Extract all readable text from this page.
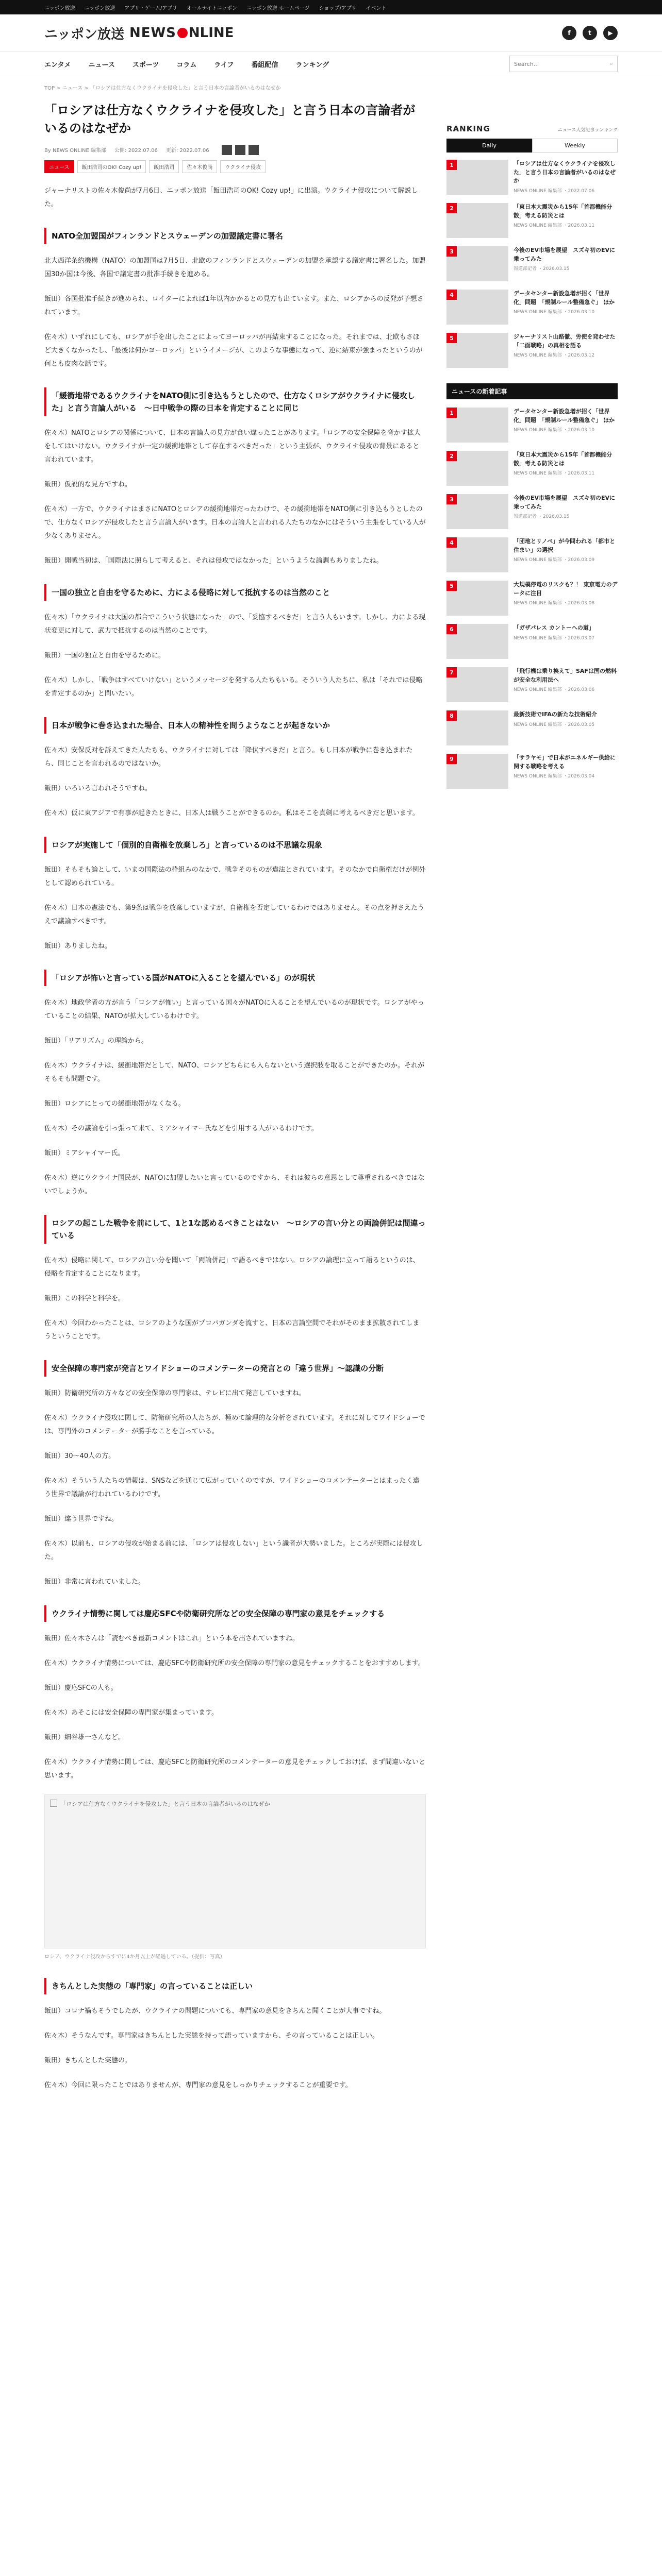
ニッポン放送 ニッポン放送 アプリ・ゲーム/アプリ オールナイトニッポン ニッポン放送 ホームページ ショップ/アプリ イベント
ニッポン放送 NEWS NLINE	f	t	▶
エンタメ	ニュース	スポーツ	コラム	ライフ	番組配信	ランキング
Search...	⌕
TOP > ニュース > 「ロシアは仕方なくウクライナを侵攻した」と言う日本の言論者がいるのはなぜか
「ロシアは仕方なくウクライナを侵攻した」と言う日本の言論者がいるのはなぜか
By NEWS ONLINE 編集部 公開: 2022.07.06 更新: 2022.07.06
ニュース	飯田浩司のOK! Cozy up!	飯田浩司	佐々木俊尚	ウクライナ侵攻

ジャーナリストの佐々木俊尚が7月6日、ニッポン放送「飯田浩司のOK! Cozy up!」に出演。ウクライナ侵攻について解説した。

NATO全加盟国がフィンランドとスウェーデンの加盟議定書に署名

北大西洋条約機構（NATO）の加盟国は7月5日、北欧のフィンランドとスウェーデンの加盟を承認する議定書に署名した。加盟国30か国は今後、各国で議定書の批准手続きを進める。

飯田）各国批准手続きが進められ、ロイターによれば1年以内かかるとの見方も出ています。また、ロシアからの反発が予想されています。

佐々木）いずれにしても、ロシアが手を出したことによってヨーロッパが再結束することになった。それまでは、北欧もさほど大きくなかったし、「最後は何かヨーロッパ」というイメージが、このような事態になって、逆に結束が強まったというのが何とも皮肉な話です。

「緩衝地帯であるウクライナをNATO側に引き込もうとしたので、仕方なくロシアがウクライナに侵攻した」と言う言論人がいる　～日中戦争の際の日本を肯定することに同じ

佐々木）NATOとロシアの関係について、日本の言論人の見方が食い違ったことがあります。「ロシアの安全保障を脅かす拡大をしてはいけない。ウクライナが一定の緩衝地帯として存在するべきだった」という主張が、ウクライナ侵攻の背景にあると言われています。

飯田）仮説的な見方ですね。

佐々木）一方で、ウクライナはまさにNATOとロシアの緩衝地帯だったわけで、その緩衝地帯をNATO側に引き込もうとしたので、仕方なくロシアが侵攻したと言う言論人がいます。日本の言論人と言われる人たちのなかにはそういう主張をしている人が少なくありません。

飯田）開戦当初は、「国際法に照らして考えると、それは侵攻ではなかった」というような論調もありましたね。

一国の独立と自由を守るために、力による侵略に対して抵抗するのは当然のこと

佐々木）「ウクライナは大国の都合でこういう状態になった」ので、「妥協するべきだ」と言う人もいます。しかし、力による現状変更に対して、武力で抵抗するのは当然のことです。

飯田）一国の独立と自由を守るために。

佐々木）しかし、「戦争はすべていけない」というメッセージを発する人たちもいる。そういう人たちに、私は「それでは侵略を肯定するのか」と問いたい。

日本が戦争に巻き込まれた場合、日本人の精神性を問うようなことが起きないか

佐々木）安保反対を訴えてきた人たちも、ウクライナに対しては「降伏すべきだ」と言う。もし日本が戦争に巻き込まれたら、同じことを言われるのではないか。

飯田）いろいろ言われそうですね。

佐々木）仮に東アジアで有事が起きたときに、日本人は戦うことができるのか。私はそこを真剣に考えるべきだと思います。

ロシアが実施して「個別的自衛権を放棄しろ」と言っているのは不思議な現象

飯田）そもそも論として、いまの国際法の枠組みのなかで、戦争そのものが違法とされています。そのなかで自衛権だけが例外として認められている。

佐々木）日本の憲法でも、第9条は戦争を放棄していますが、自衛権を否定しているわけではありません。その点を押さえたうえで議論すべきです。

飯田）ありましたね。

「ロシアが怖いと言っている国がNATOに入ることを望んでいる」のが現状

佐々木）地政学者の方が言う「ロシアが怖い」と言っている国々がNATOに入ることを望んでいるのが現状です。ロシアがやっていることの結果、NATOが拡大しているわけです。

飯田）「リアリズム」の理論から。

佐々木）ウクライナは、緩衝地帯だとして、NATO、ロシアどちらにも入らないという選択肢を取ることができたのか。それがそもそも問題です。

飯田）ロシアにとっての緩衝地帯がなくなる。

佐々木）その議論を引っ張って来て、ミアシャイマー氏などを引用する人がいるわけです。

飯田）ミアシャイマー氏。

佐々木）逆にウクライナ国民が、NATOに加盟したいと言っているのですから、それは彼らの意思として尊重されるべきではないでしょうか。

ロシアの起こした戦争を前にして、1と1な認めるべきことはない　～ロシアの言い分との両論併記は間違っている

佐々木）侵略に関して、ロシアの言い分を聞いて「両論併記」で語るべきではない。ロシアの論理に立って語るというのは、侵略を肯定することになります。

飯田）この科学と科学を。

佐々木）今回わかったことは、ロシアのような国がプロパガンダを流すと、日本の言論空間でそれがそのまま拡散されてしまうということです。

安全保障の専門家が発言とワイドショーのコメンテーターの発言との「違う世界」～認識の分断

飯田）防衛研究所の方々などの安全保障の専門家は、テレビに出て発言していますね。

佐々木）ウクライナ侵攻に関して、防衛研究所の人たちが、極めて論理的な分析をされています。それに対してワイドショーでは、専門外のコメンテーターが勝手なことを言っている。

飯田）30～40人の方。

佐々木）そういう人たちの情報は、SNSなどを通じて広がっていくのですが、ワイドショーのコメンテーターとはまったく違う世界で議論が行われているわけです。

飯田）違う世界ですね。

佐々木）以前も、ロシアの侵攻が始まる前には、「ロシアは侵攻しない」という識者が大勢いました。ところが実際には侵攻した。

飯田）非常に言われていました。

ウクライナ情勢に関しては慶応SFCや防衛研究所などの安全保障の専門家の意見をチェックする

飯田）佐々木さんは「読むべき最新コメントはこれ」という本を出されていますね。

佐々木）ウクライナ情勢については、慶応SFCや防衛研究所の安全保障の専門家の意見をチェックすることをおすすめします。

飯田）慶応SFCの人も。

佐々木）あそこには安全保障の専門家が集まっています。

飯田）細谷雄一さんなど。

佐々木）ウクライナ情勢に関しては、慶応SFCと防衛研究所のコメンテーターの意見をチェックしておけば、まず間違いないと思います。

「ロシアは仕方なくウクライナを侵攻した」と言う日本の言論者がいるのはなぜか
ロシア、ウクライナ侵攻からすでに4か月以上が経過している。（提供：写真）
きちんとした実態の「専門家」の言っていることは正しい

飯田）コロナ禍もそうでしたが、ウクライナの問題についても、専門家の意見をきちんと聞くことが大事ですね。

佐々木）そうなんです。専門家はきちんとした実態を持って語っていますから、その言っていることは正しい。

飯田）きちんとした実態の。

佐々木）今回に限ったことではありませんが、専門家の意見をしっかりチェックすることが重要です。

RANKING	ニュース人気記事ランキング
Daily	Weekly
1	「ロシアは仕方なくウクライナを侵攻した」と言う日本の言論者がいるのはなぜか
NEWS ONLINE 編集部 ・2022.07.06
2	「東日本大震災から15年「首都機能分散」考える防災とは
NEWS ONLINE 編集部 ・2026.03.11
3	今後のEV市場を展望　スズキ初のEVに乗ってみた
報道部記者 ・2026.03.15
4	データセンター新設急増が招く「世界化」問題　「規制ルール整備急ぐ」 ほか
NEWS ONLINE 編集部 ・2026.03.10
5	ジャーナリスト山路徹、労使を発わせた「二面戦略」の真相を語る
NEWS ONLINE 編集部 ・2026.03.12
ニュースの新着記事
1	データセンター新設急増が招く「世界化」問題　「規制ルール整備急ぐ」 ほか
NEWS ONLINE 編集部 ・2026.03.10
2	「東日本大震災から15年「首都機能分散」考える防災とは
NEWS ONLINE 編集部 ・2026.03.11
3	今後のEV市場を展望　スズキ初のEVに乗ってみた
報道部記者 ・2026.03.15
4	「団地とリノベ」が今問われる「都市と住まい」の選択
NEWS ONLINE 編集部 ・2026.03.09
5	大規模停電のリスクも？！ 東京電力のデータに注目
NEWS ONLINE 編集部 ・2026.03.08
6	「ガザパレス カントーへの道」
NEWS ONLINE 編集部 ・2026.03.07
7	「飛行機は乗り換えて」SAFは国の燃料が安全な利用法へ
NEWS ONLINE 編集部 ・2026.03.06
8	最新技術でIFAの新たな技術紹介
NEWS ONLINE 編集部 ・2026.03.05
9	「サラヤモ」で日本がエネルギー供給に関する戦略を考える
NEWS ONLINE 編集部 ・2026.03.04
